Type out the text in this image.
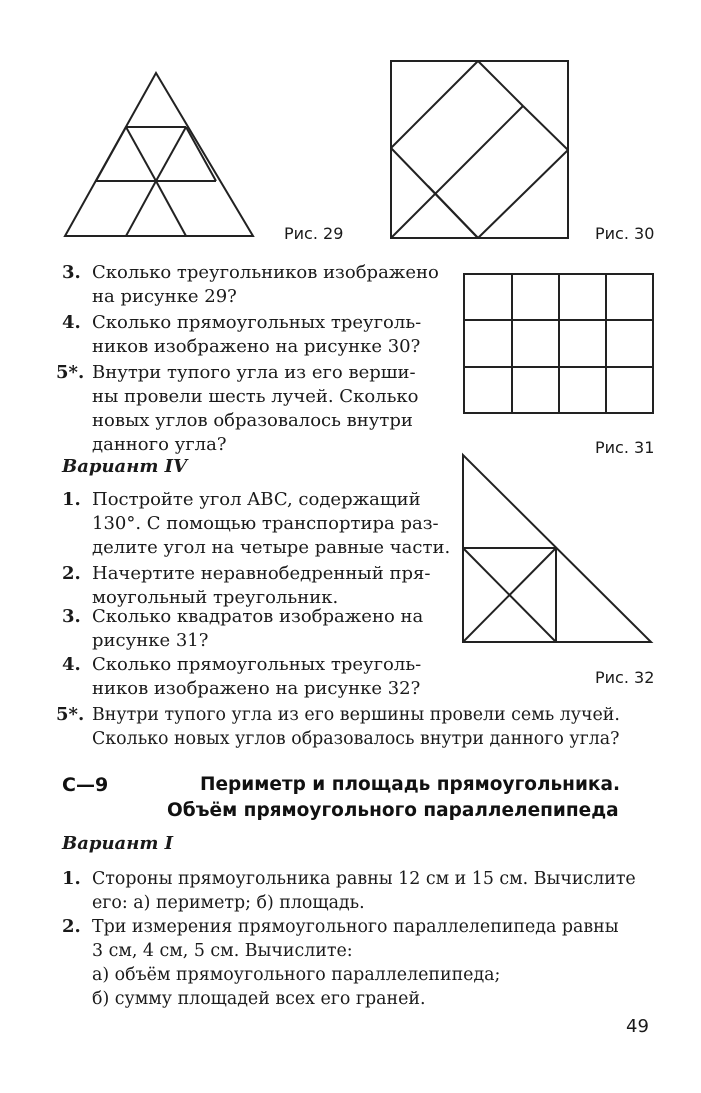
Рис. 29	Рис. 30
Рис. 31
Рис. 32
3. Сколько треугольников изображено
на рисунке 29?
4. Сколько прямоугольных треуголь-
ников изображено на рисунке 30?
5*. Внутри тупого угла из его верши-
ны провели шесть лучей. Сколько
новых углов образовалось внутри
данного угла?
Вариант IV
1. Постройте угол ABC, содержащий
130°. С помощью транспортира раз-
делите угол на четыре равные части.
2. Начертите неравнобедренный пря-
моугольный треугольник.
3. Сколько квадратов изображено на
рисунке 31?
4. Сколько прямоугольных треуголь-
ников изображено на рисунке 32?
5*. Внутри тупого угла из его вершины провели семь лучей.
Сколько новых углов образовалось внутри данного угла?
С—9	Периметр и площадь прямоугольника.
Объём прямоугольного параллелепипеда
Вариант I
1. Стороны прямоугольника равны 12 см и 15 см. Вычислите
его: а) периметр; б) площадь.
2. Три измерения прямоугольного параллелепипеда равны
3 см, 4 см, 5 см. Вычислите:
а) объём прямоугольного параллелепипеда;
б) сумму площадей всех его граней.
49
